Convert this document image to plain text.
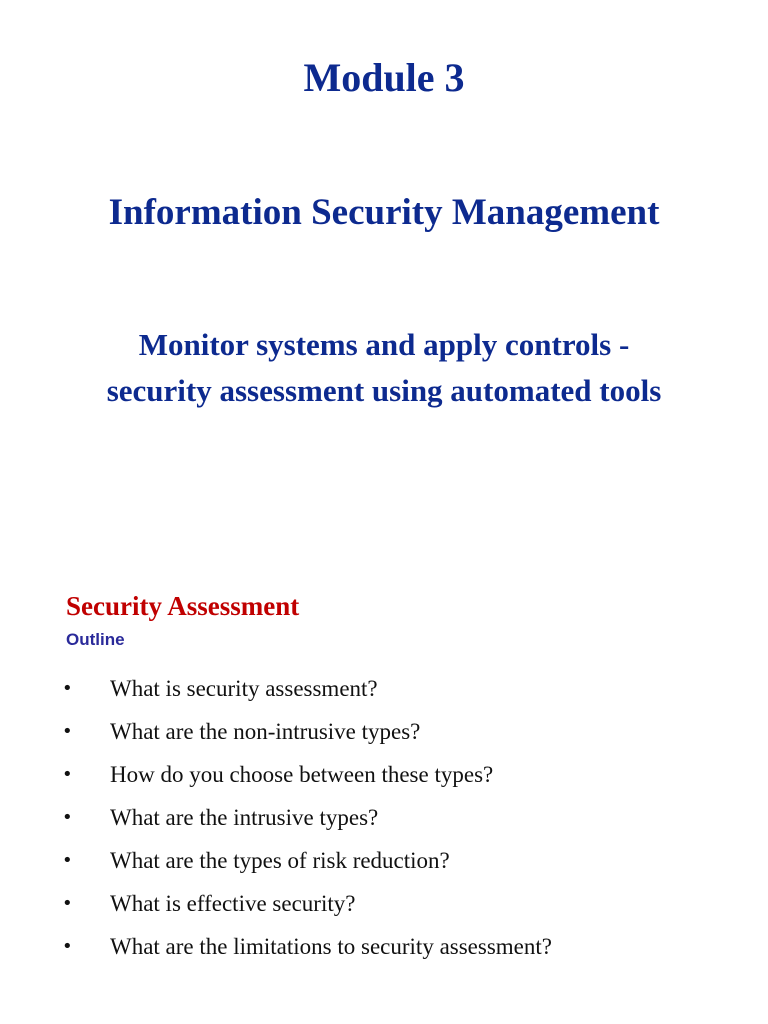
Module 3
Information Security Management
Monitor systems and apply controls -
security assessment using automated tools
Security Assessment
Outline
•	What is security assessment?
•	What are the non-intrusive types?
•	How do you choose between these types?
•	What are the intrusive types?
•	What are the types of risk reduction?
•	What is effective security?
•	What are the limitations to security assessment?
